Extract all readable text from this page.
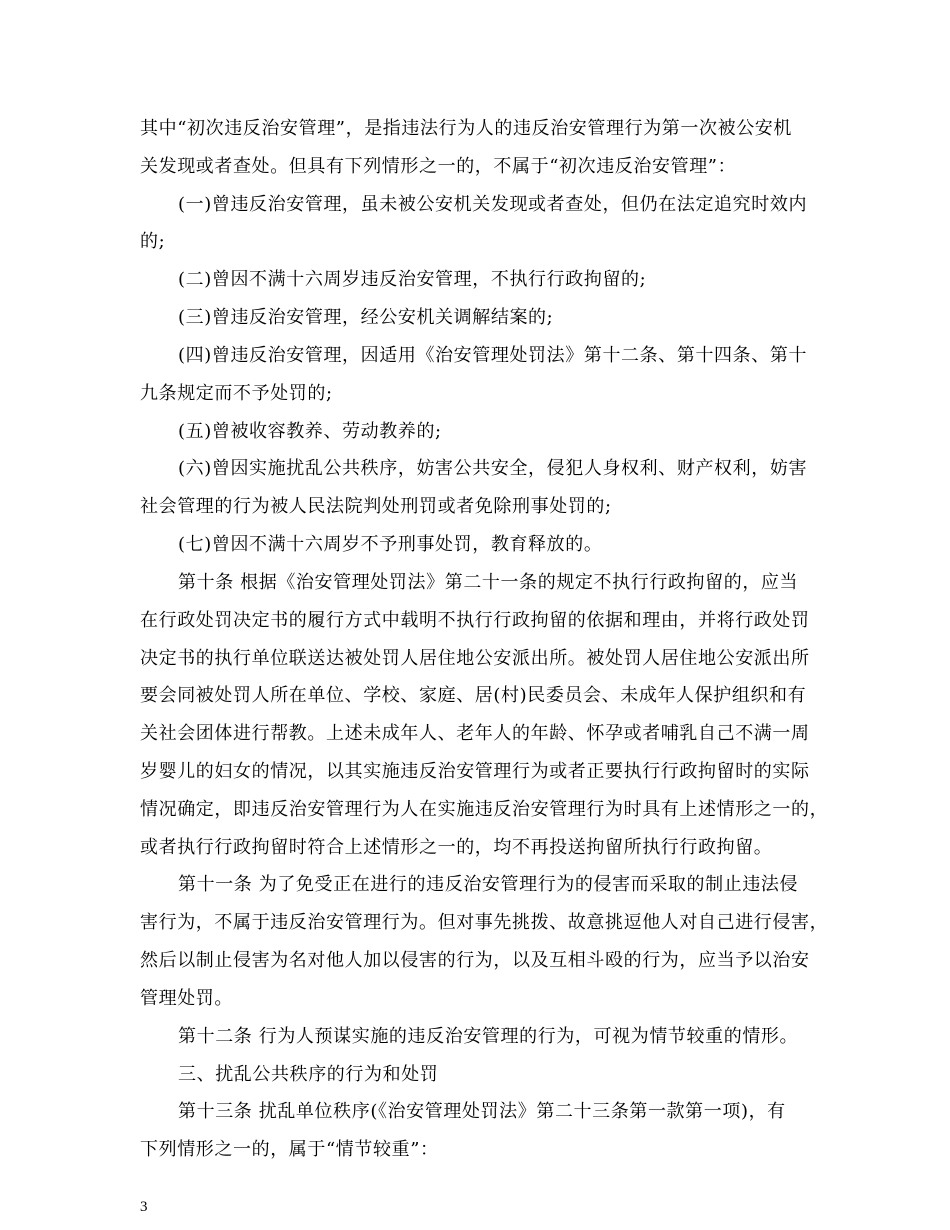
其中“初次违反治安管理”，是指违法行为人的违反治安管理行为第一次被公安机
关发现或者查处。但具有下列情形之一的，不属于“初次违反治安管理”：
(一)曾违反治安管理，虽未被公安机关发现或者查处，但仍在法定追究时效内
的;
(二)曾因不满十六周岁违反治安管理，不执行行政拘留的;
(三)曾违反治安管理，经公安机关调解结案的;
(四)曾违反治安管理，因适用《治安管理处罚法》第十二条、第十四条、第十
九条规定而不予处罚的;
(五)曾被收容教养、劳动教养的;
(六)曾因实施扰乱公共秩序，妨害公共安全，侵犯人身权利、财产权利，妨害
社会管理的行为被人民法院判处刑罚或者免除刑事处罚的;
(七)曾因不满十六周岁不予刑事处罚，教育释放的。
第十条 根据《治安管理处罚法》第二十一条的规定不执行行政拘留的，应当
在行政处罚决定书的履行方式中载明不执行行政拘留的依据和理由，并将行政处罚
决定书的执行单位联送达被处罚人居住地公安派出所。被处罚人居住地公安派出所
要会同被处罚人所在单位、学校、家庭、居(村)民委员会、未成年人保护组织和有
关社会团体进行帮教。上述未成年人、老年人的年龄、怀孕或者哺乳自己不满一周
岁婴儿的妇女的情况，以其实施违反治安管理行为或者正要执行行政拘留时的实际
情况确定，即违反治安管理行为人在实施违反治安管理行为时具有上述情形之一的，
或者执行行政拘留时符合上述情形之一的，均不再投送拘留所执行行政拘留。
第十一条 为了免受正在进行的违反治安管理行为的侵害而采取的制止违法侵
害行为，不属于违反治安管理行为。但对事先挑拨、故意挑逗他人对自己进行侵害，
然后以制止侵害为名对他人加以侵害的行为，以及互相斗殴的行为，应当予以治安
管理处罚。
第十二条 行为人预谋实施的违反治安管理的行为，可视为情节较重的情形。
三、扰乱公共秩序的行为和处罚
第十三条 扰乱单位秩序(《治安管理处罚法》第二十三条第一款第一项)，有
下列情形之一的，属于“情节较重”：
3
